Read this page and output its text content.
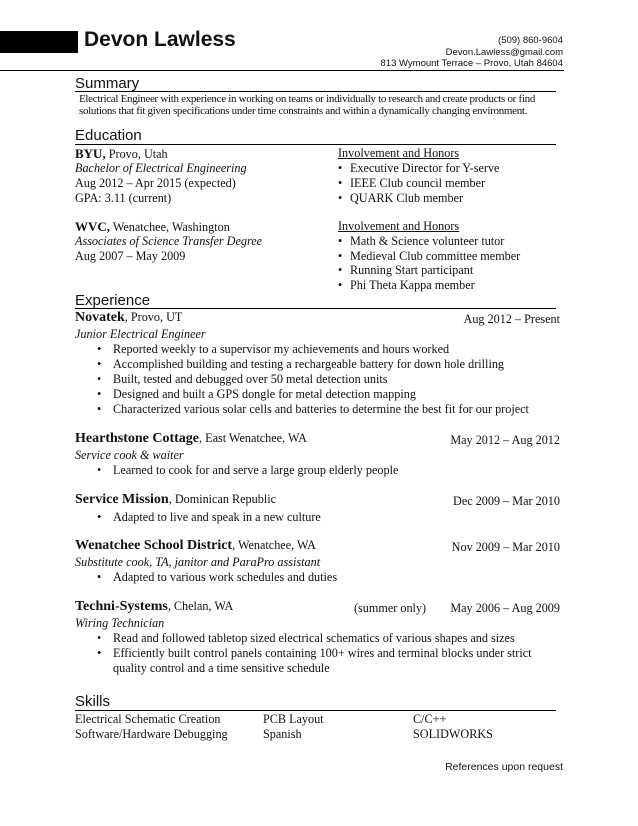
Devon Lawless	(509) 860-9604
Devon.Lawless@gmail.com
813 Wymount Terrace – Provo, Utah 84604
Summary
Electrical Engineer with experience in working on teams or individually to research and create products or find
solutions that fit given specifications under time constraints and within a dynamically changing environment.
Education
BYU, Provo, Utah
Bachelor of Electrical Engineering
Aug 2012 – Apr 2015 (expected)
GPA: 3.11 (current)
Involvement and Honors
• Executive Director for Y-serve
• IEEE Club council member
• QUARK Club member
WVC, Wenatchee, Washington
Associates of Science Transfer Degree
Aug 2007 – May 2009
Involvement and Honors
• Math & Science volunteer tutor
• Medieval Club committee member
• Running Start participant
• Phi Theta Kappa member
Experience
Novatek, Provo, UT	Aug 2012 – Present
Junior Electrical Engineer
• Reported weekly to a supervisor my achievements and hours worked
• Accomplished building and testing a rechargeable battery for down hole drilling
• Built, tested and debugged over 50 metal detection units
• Designed and built a GPS dongle for metal detection mapping
• Characterized various solar cells and batteries to determine the best fit for our project
Hearthstone Cottage, East Wenatchee, WA	May 2012 – Aug 2012
Service cook & waiter
• Learned to cook for and serve a large group elderly people
Service Mission, Dominican Republic	Dec 2009 – Mar 2010
• Adapted to live and speak in a new culture
Wenatchee School District, Wenatchee, WA	Nov 2009 – Mar 2010
Substitute cook, TA, janitor and ParaPro assistant
• Adapted to various work schedules and duties
Techni-Systems, Chelan, WA	(summer only) May 2006 – Aug 2009
Wiring Technician
• Read and followed tabletop sized electrical schematics of various shapes and sizes
• Efficiently built control panels containing 100+ wires and terminal blocks under strict
quality control and a time sensitive schedule
Skills
Electrical Schematic Creation	PCB Layout	C/C++
Software/Hardware Debugging	Spanish	SOLIDWORKS
References upon request
